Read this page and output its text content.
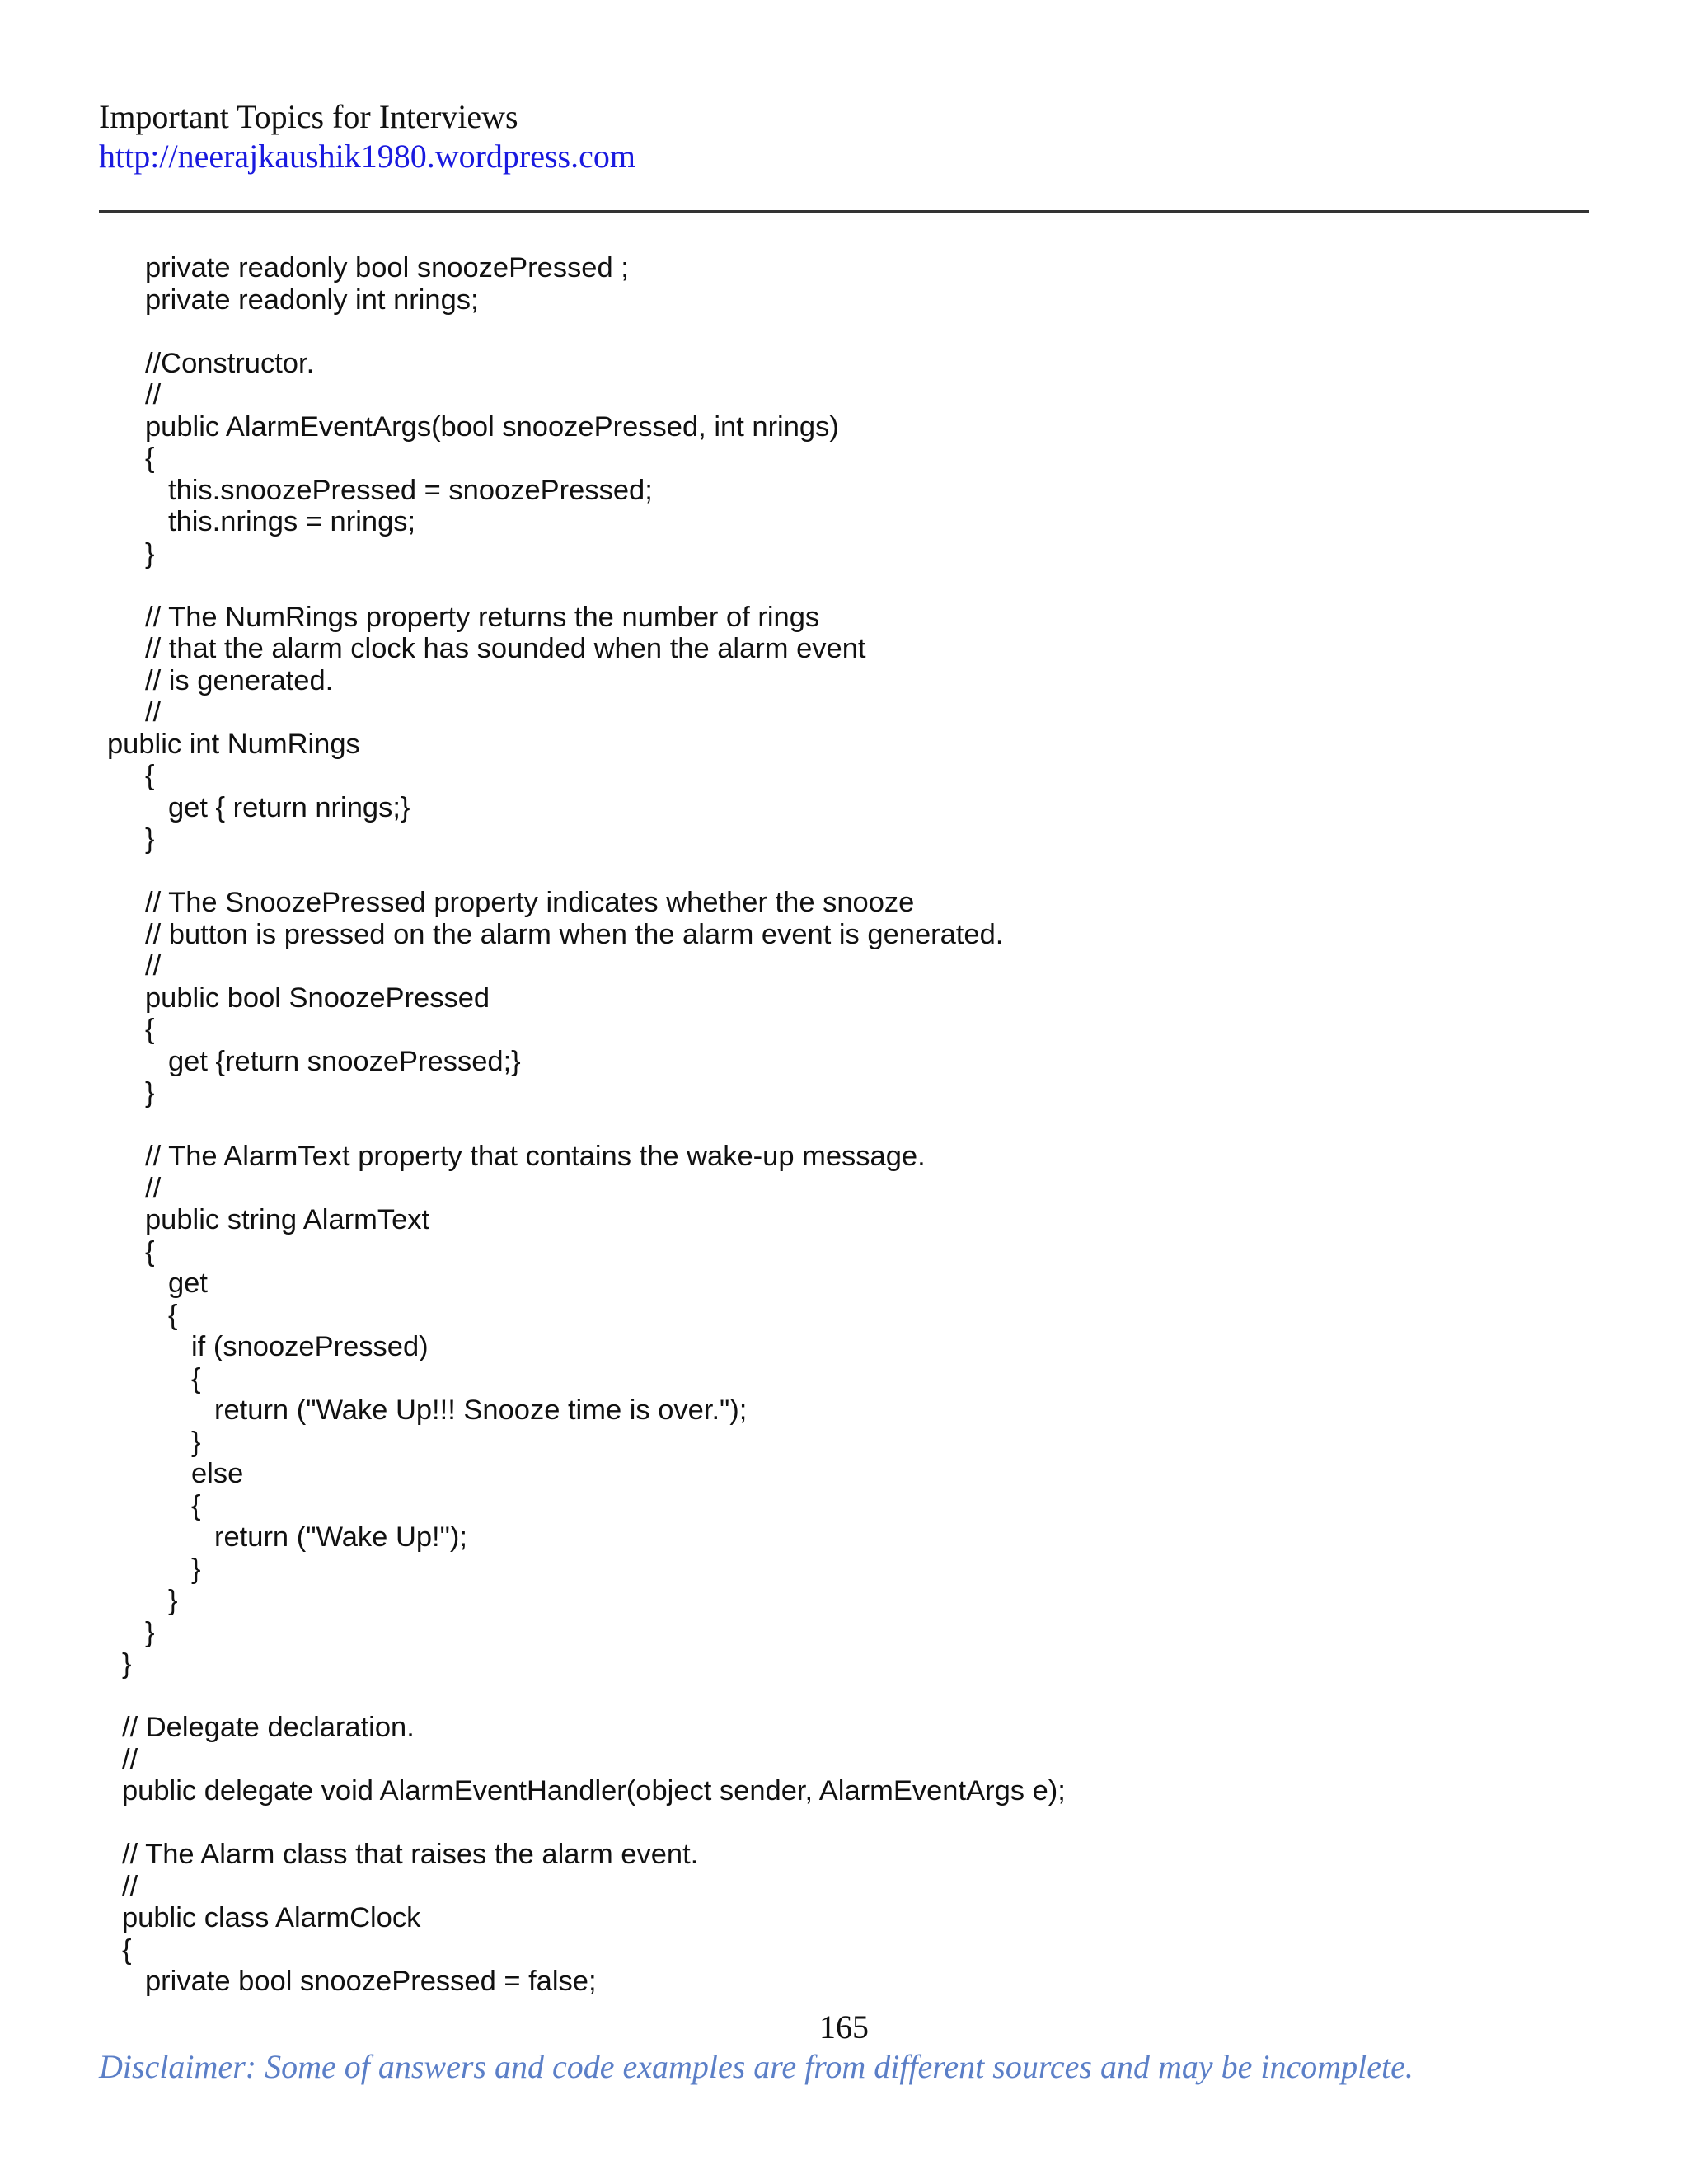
Important Topics for Interviews
http://neerajkaushik1980.wordpress.com
private readonly bool snoozePressed ;
private readonly int nrings;
//Constructor.
//
public AlarmEventArgs(bool snoozePressed, int nrings)
{
this.snoozePressed = snoozePressed;
this.nrings = nrings;
}
// The NumRings property returns the number of rings
// that the alarm clock has sounded when the alarm event
// is generated.
//
public int NumRings
{
get { return nrings;}
}
// The SnoozePressed property indicates whether the snooze
// button is pressed on the alarm when the alarm event is generated.
//
public bool SnoozePressed
{
get {return snoozePressed;}
}
// The AlarmText property that contains the wake-up message.
//
public string AlarmText
{
get
{
if (snoozePressed)
{
return ("Wake Up!!! Snooze time is over.");
}
else
{
return ("Wake Up!");
}
}
}
}
// Delegate declaration.
//
public delegate void AlarmEventHandler(object sender, AlarmEventArgs e);
// The Alarm class that raises the alarm event.
//
public class AlarmClock
{
private bool snoozePressed = false;
165
Disclaimer: Some of answers and code examples are from different sources and may be incomplete.
